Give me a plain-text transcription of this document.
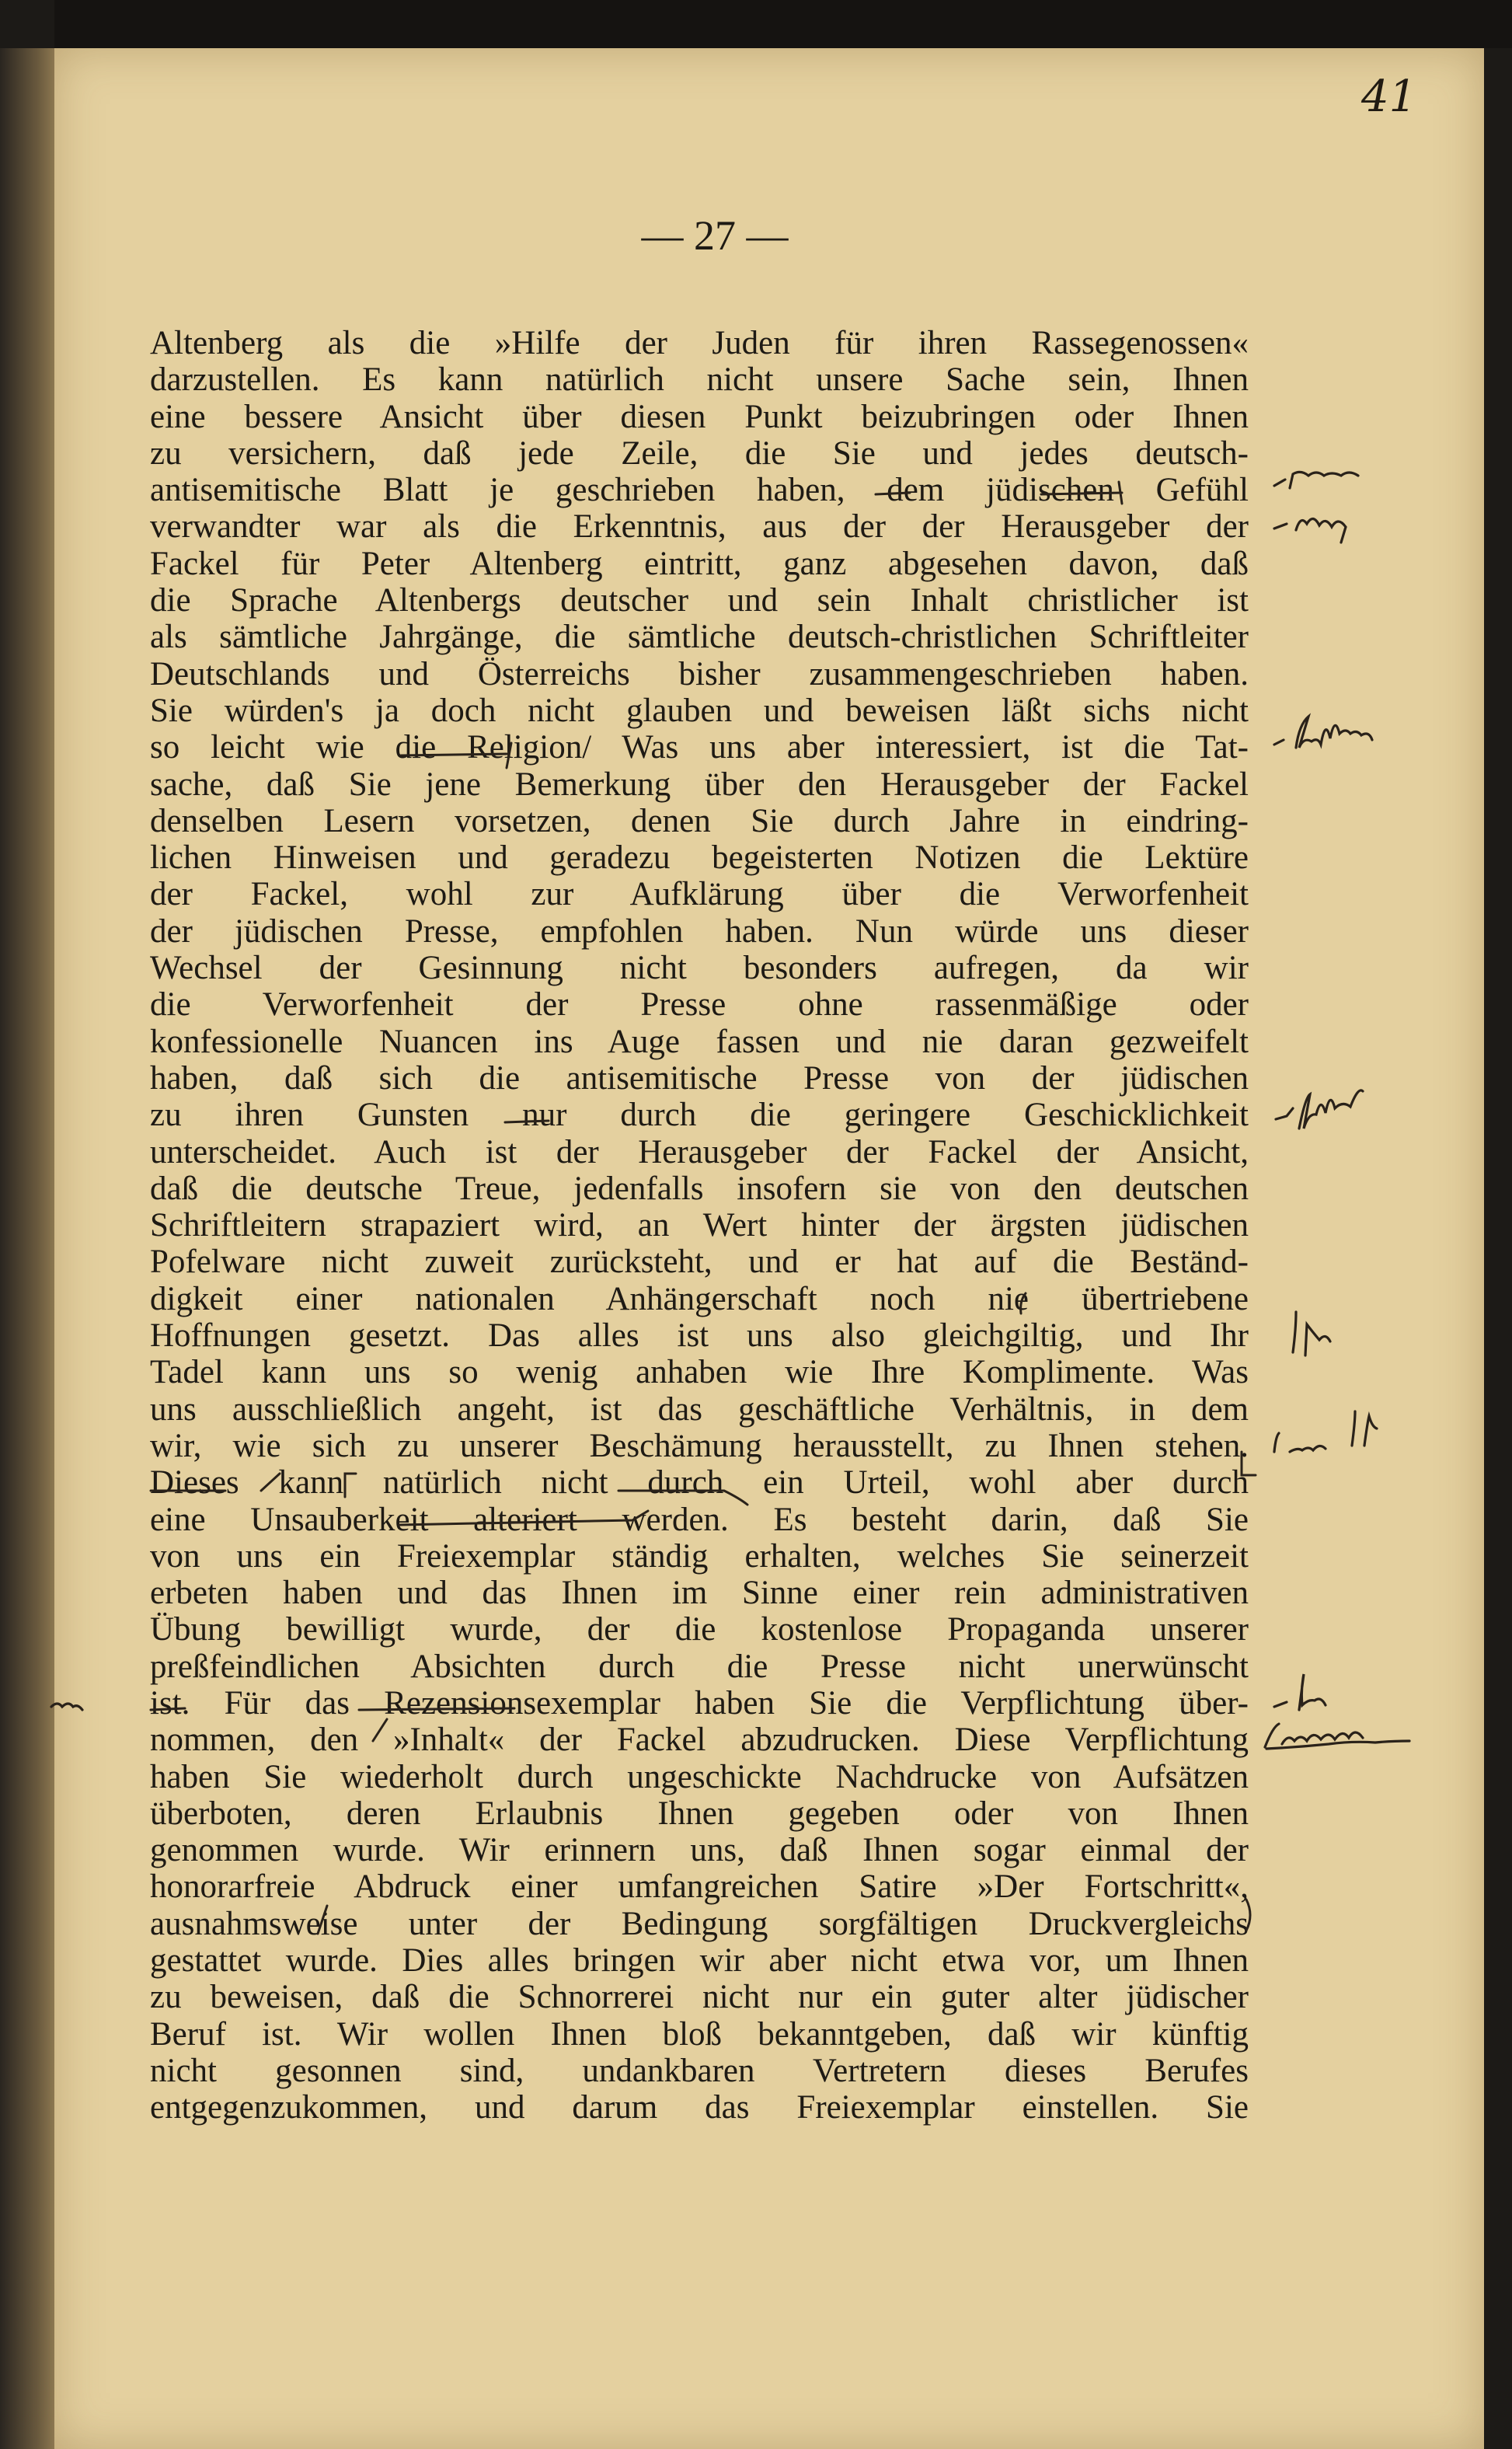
41
— 27 —
Altenberg als die »Hilfe der Juden für ihren Rassegenossen«
darzustellen. Es kann natürlich nicht unsere Sache sein, Ihnen
eine bessere Ansicht über diesen Punkt beizubringen oder Ihnen
zu versichern, daß jede Zeile, die Sie und jedes deutsch-
antisemitische Blatt je geschrieben haben, dem jüdischen Gefühl
verwandter war als die Erkenntnis, aus der der Herausgeber der
Fackel für Peter Altenberg eintritt, ganz abgesehen davon, daß
die Sprache Altenbergs deutscher und sein Inhalt christlicher ist
als sämtliche Jahrgänge, die sämtliche deutsch-christlichen Schriftleiter
Deutschlands und Österreichs bisher zusammengeschrieben haben.
Sie würden's ja doch nicht glauben und beweisen läßt sichs nicht
so leicht wie die Religion/ Was uns aber interessiert, ist die Tat-
sache, daß Sie jene Bemerkung über den Herausgeber der Fackel
denselben Lesern vorsetzen, denen Sie durch Jahre in eindring-
lichen Hinweisen und geradezu begeisterten Notizen die Lektüre
der Fackel, wohl zur Aufklärung über die Verworfenheit
der jüdischen Presse, empfohlen haben. Nun würde uns dieser
Wechsel der Gesinnung nicht besonders aufregen, da wir
die Verworfenheit der Presse ohne rassenmäßige oder
konfessionelle Nuancen ins Auge fassen und nie daran gezweifelt
haben, daß sich die antisemitische Presse von der jüdischen
zu ihren Gunsten nur durch die geringere Geschicklichkeit
unterscheidet. Auch ist der Herausgeber der Fackel der Ansicht,
daß die deutsche Treue, jedenfalls insofern sie von den deutschen
Schriftleitern strapaziert wird, an Wert hinter der ärgsten jüdischen
Pofelware nicht zuweit zurücksteht, und er hat auf die Beständ-
digkeit einer nationalen Anhängerschaft noch nie übertriebene
Hoffnungen gesetzt. Das alles ist uns also gleichgiltig, und Ihr
Tadel kann uns so wenig anhaben wie Ihre Komplimente. Was
uns ausschließlich angeht, ist das geschäftliche Verhältnis, in dem
wir, wie sich zu unserer Beschämung herausstellt, zu Ihnen stehen.
Dieses kann natürlich nicht durch ein Urteil, wohl aber durch
eine Unsauberkeit alteriert werden. Es besteht darin, daß Sie
von uns ein Freiexemplar ständig erhalten, welches Sie seinerzeit
erbeten haben und das Ihnen im Sinne einer rein administrativen
Übung bewilligt wurde, der die kostenlose Propaganda unserer
preßfeindlichen Absichten durch die Presse nicht unerwünscht
ist. Für das Rezensionsexemplar haben Sie die Verpflichtung über-
nommen, den »Inhalt« der Fackel abzudrucken. Diese Verpflichtung
haben Sie wiederholt durch ungeschickte Nachdrucke von Aufsätzen
überboten, deren Erlaubnis Ihnen gegeben oder von Ihnen
genommen wurde. Wir erinnern uns, daß Ihnen sogar einmal der
honorarfreie Abdruck einer umfangreichen Satire »Der Fortschritt«,
ausnahmsweise unter der Bedingung sorgfältigen Druckvergleichs
gestattet wurde. Dies alles bringen wir aber nicht etwa vor, um Ihnen
zu beweisen, daß die Schnorrerei nicht nur ein guter alter jüdischer
Beruf ist. Wir wollen Ihnen bloß bekanntgeben, daß wir künftig
nicht gesonnen sind, undankbaren Vertretern dieses Berufes
entgegenzukommen, und darum das Freiexemplar einstellen. Sie
